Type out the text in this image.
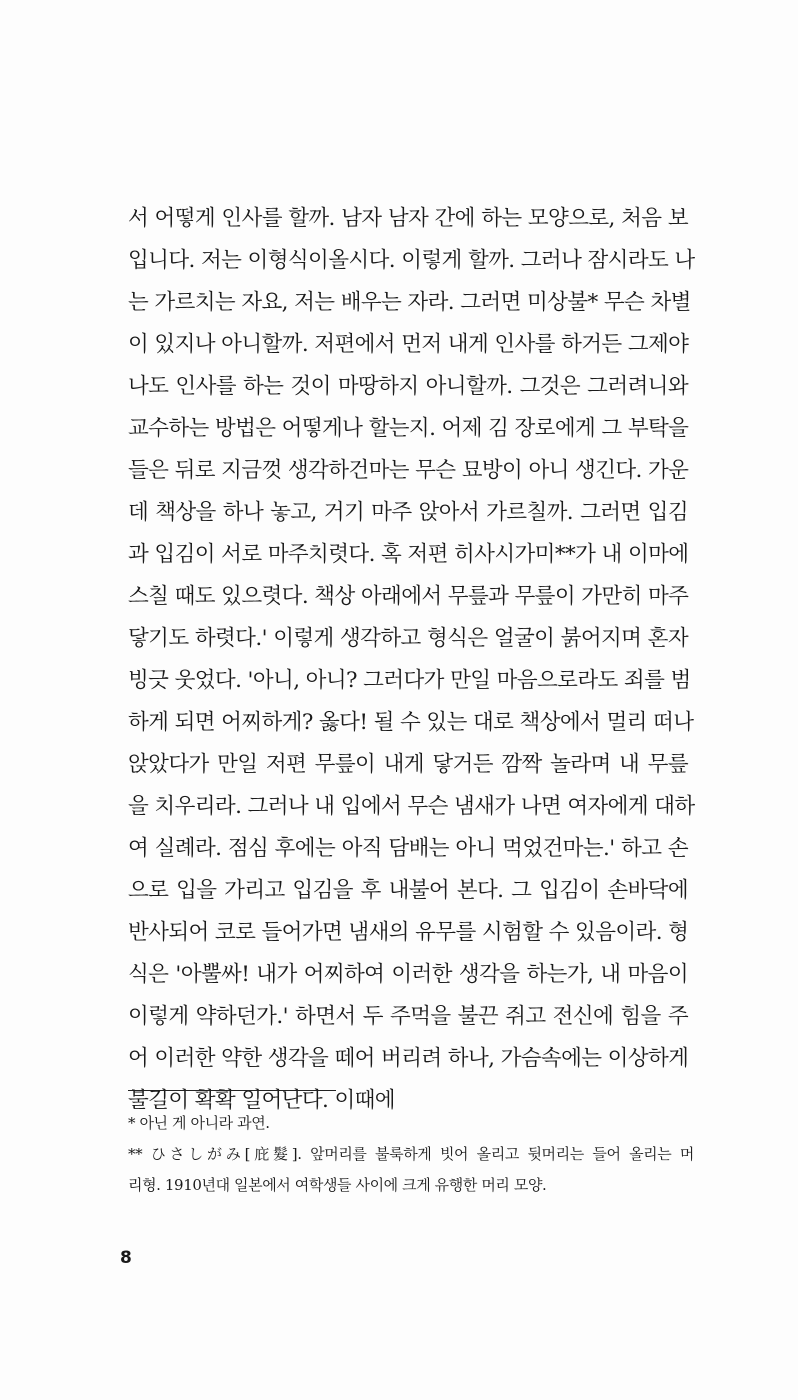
서 어떻게 인사를 할까. 남자 남자 간에 하는 모양으로, 처음 보
입니다. 저는 이형식이올시다. 이렇게 할까. 그러나 잠시라도 나
는 가르치는 자요, 저는 배우는 자라. 그러면 미상불* 무슨 차별
이 있지나 아니할까. 저편에서 먼저 내게 인사를 하거든 그제야
나도 인사를 하는 것이 마땅하지 아니할까. 그것은 그러려니와
교수하는 방법은 어떻게나 할는지. 어제 김 장로에게 그 부탁을
들은 뒤로 지금껏 생각하건마는 무슨 묘방이 아니 생긴다. 가운
데 책상을 하나 놓고, 거기 마주 앉아서 가르칠까. 그러면 입김
과 입김이 서로 마주치렷다. 혹 저편 히사시가미**가 내 이마에
스칠 때도 있으렷다. 책상 아래에서 무릎과 무릎이 가만히 마주
닿기도 하렷다.' 이렇게 생각하고 형식은 얼굴이 붉어지며 혼자
빙긋 웃었다. '아니, 아니? 그러다가 만일 마음으로라도 죄를 범
하게 되면 어찌하게? 옳다! 될 수 있는 대로 책상에서 멀리 떠나
앉았다가 만일 저편 무릎이 내게 닿거든 깜짝 놀라며 내 무릎
을 치우리라. 그러나 내 입에서 무슨 냄새가 나면 여자에게 대하
여 실례라. 점심 후에는 아직 담배는 아니 먹었건마는.' 하고 손
으로 입을 가리고 입김을 후 내불어 본다. 그 입김이 손바닥에
반사되어 코로 들어가면 냄새의 유무를 시험할 수 있음이라. 형
식은 '아뿔싸! 내가 어찌하여 이러한 생각을 하는가, 내 마음이
이렇게 약하던가.' 하면서 두 주먹을 불끈 쥐고 전신에 힘을 주
어 이러한 약한 생각을 떼어 버리려 하나, 가슴속에는 이상하게
불길이 확확 일어난다. 이때에
* 아닌 게 아니라 과연.
** ひさしがみ[庇髮]. 앞머리를 불룩하게 빗어 올리고 뒷머리는 들어 올리는 머
리형. 1910년대 일본에서 여학생들 사이에 크게 유행한 머리 모양.
8
